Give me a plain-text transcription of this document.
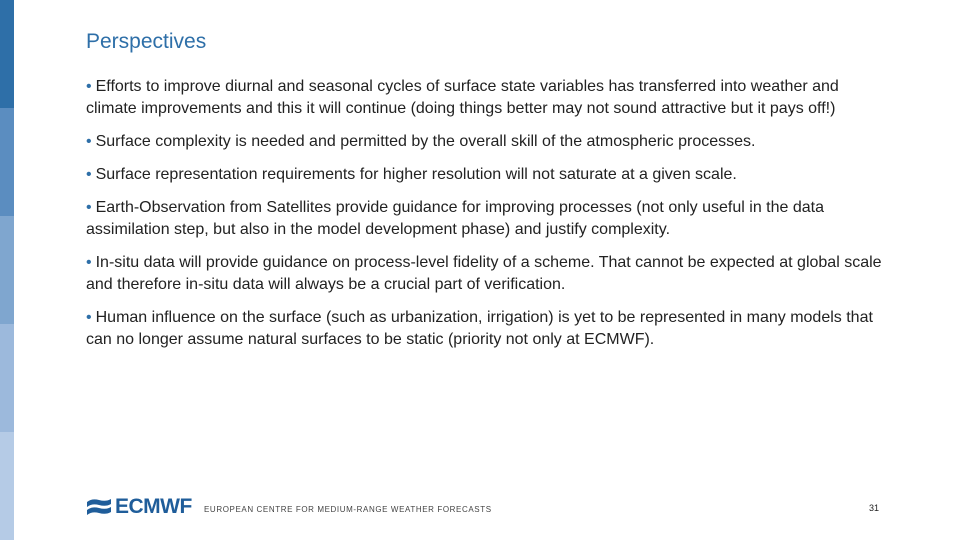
Perspectives
• Efforts to improve diurnal and seasonal cycles of surface state variables has transferred into weather and climate improvements and this it will continue (doing things better may not sound attractive but it pays off!)
• Surface complexity is needed and permitted by the overall skill of the atmospheric processes.
• Surface representation requirements for higher resolution will not saturate at a given scale.
• Earth-Observation from Satellites provide guidance for improving processes (not only useful in the data assimilation step, but also in the model development phase) and justify complexity.
• In-situ data will provide guidance on process-level fidelity of a scheme. That cannot be expected at global scale and therefore in-situ data will always be a crucial part of verification.
• Human influence on the surface (such as urbanization, irrigation) is yet to be represented in many models that can no longer assume natural surfaces to be static (priority not only at ECMWF).
ECMWF EUROPEAN CENTRE FOR MEDIUM-RANGE WEATHER FORECASTS	31
